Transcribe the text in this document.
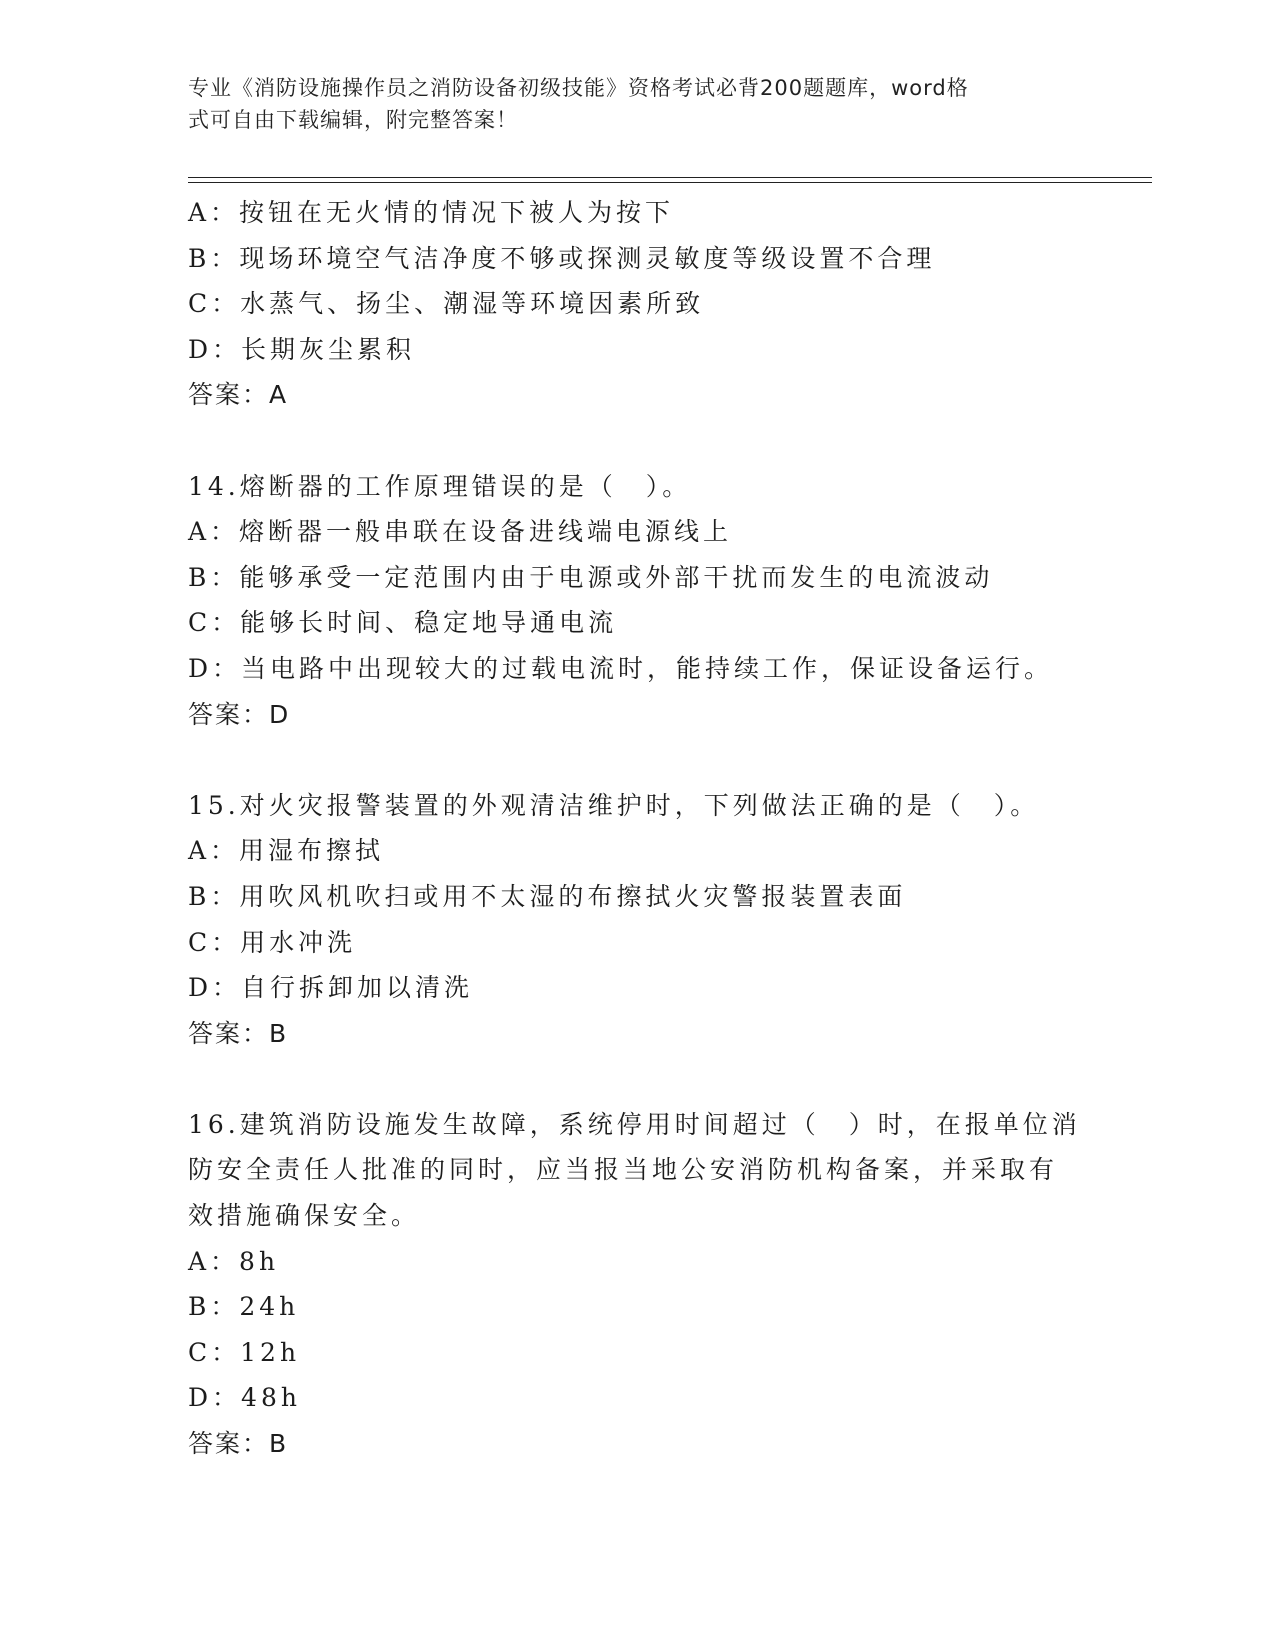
专业《消防设施操作员之消防设备初级技能》资格考试必背200题题库，word格
式可自由下载编辑，附完整答案！
A：按钮在无火情的情况下被人为按下
B：现场环境空气洁净度不够或探测灵敏度等级设置不合理
C：水蒸气、扬尘、潮湿等环境因素所致
D：长期灰尘累积
答案：A
14.熔断器的工作原理错误的是（　）。
A：熔断器一般串联在设备进线端电源线上
B：能够承受一定范围内由于电源或外部干扰而发生的电流波动
C：能够长时间、稳定地导通电流
D：当电路中出现较大的过载电流时，能持续工作，保证设备运行。
答案：D
15.对火灾报警装置的外观清洁维护时，下列做法正确的是（　）。
A：用湿布擦拭
B：用吹风机吹扫或用不太湿的布擦拭火灾警报装置表面
C：用水冲洗
D：自行拆卸加以清洗
答案：B
16.建筑消防设施发生故障，系统停用时间超过（　）时，在报单位消
防安全责任人批准的同时，应当报当地公安消防机构备案，并采取有
效措施确保安全。
A：8h
B：24h
C：12h
D：48h
答案：B
